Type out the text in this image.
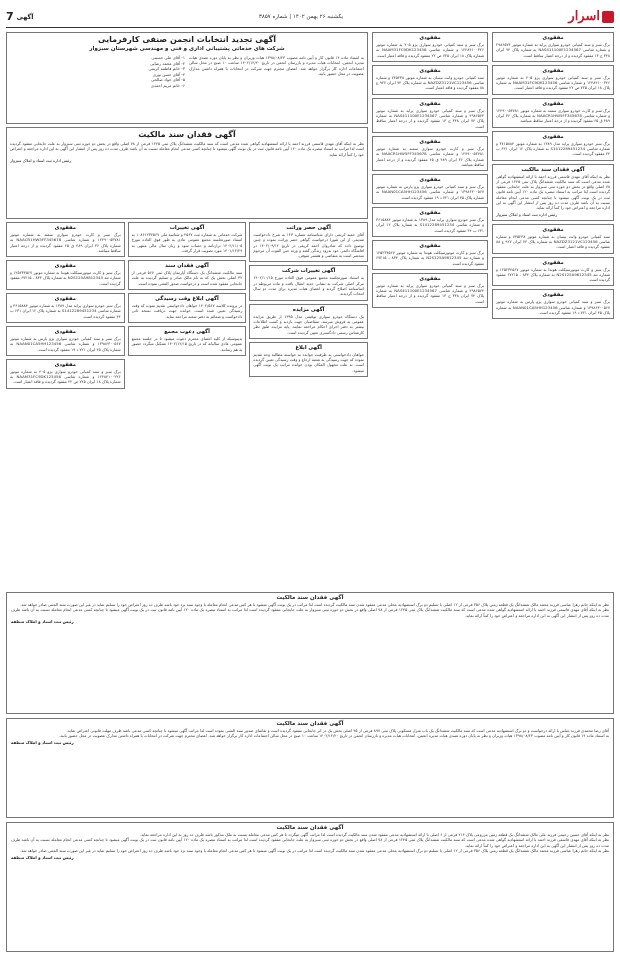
7 آگهی	یکشنبه ۲۶ بهمن ۱۴۰۲ | شماره ۳۸۵۷	اسرار
مفقودی
برگ سبز و سند کمپانی خودرو سواری پراید به شماره موتور ۲۹۸۶۵۷۴ و شماره شاسی NAS411100E1234567 به شماره پلاک ۷۴ ایران ۳۴۸ ج ۱۳ مفقود گردیده و از درجه اعتبار ساقط است.
مفقودی
برگ سبز و سند کمپانی خودرو سواری پژو ۴۰۵ به شماره موتور ۱۲۴۸۴۱۰۰۳۲۶ و شماره شاسی NAAM31FC9DK123456 به شماره پلاک ۱۸ ایران ۷۲۵ ص ۲۲ مفقود گردیده و فاقد اعتبار است.
مفقودی
برگ سبز و کارت خودرو سواری سمند به شماره موتور ۱۲۴۹۰۰۵۳۷۸۱ و شماره شاسی NAACR1HW5FF345678 به شماره پلاک ۳۶ ایران ۴۸۹ ق ۶۵ مفقود گردیده و از درجه اعتبار ساقط میباشد.
مفقودی
برگ سبز خودرو سواری پراید مدل ۱۳۸۹ به شماره موتور ۳۶۱۵۸۸۴ و شماره شاسی S1412289451234 به شماره پلاک ۱۲ ایران ۶۳۱ ب ۴۴ مفقود گردیده است.
آگهی فقدان سند مالکیت
نظر به اینکه آقای مهدی قاسمی فرزند احمد با ارائه استشهادیه گواهی شده مدعی است که سند مالکیت ششدانگ پلاک ثبتی ۱۲۴۵ فرعی از ۷۸ اصلی واقع در بخش دو حوزه ثبتی سبزوار به علت جابجایی مفقود گردیده است لذا مراتب به استناد تبصره یک ماده ۱۲۰ آیین نامه قانون ثبت در یک نوبت آگهی میشود تا چنانچه کسی مدعی انجام معامله نسبت به آن باشد ظرف مدت ده روز پس از انتشار این آگهی به این اداره مراجعه و اعتراض خود را کتباً ارائه نماید.
رئیس اداره ثبت اسناد و املاک سبزوار
مفقودی
سند کمپانی خودرو وانت نیسان به شماره موتور ۷۴۵۲۳۸ و شماره شاسی NAZDZ3121VC123456 به شماره پلاک ۷۴ ایران ۹۲۷ ع ۸۸ مفقود گردیده و فاقد اعتبار است.
مفقودی
برگ سبز و کارت موتورسیکلت هوندا به شماره موتور ۱۲۵۲۳۴۵۶۷ و شماره تنه N2S125A9812345 به شماره پلاک ۸۳۴ - ۶۷۲۱۵ مفقود گردیده است.
مفقودی
برگ سبز و سند کمپانی خودرو سواری پژو پارس به شماره موتور ۱۳۹۸۶۳۰۰۵۶۷ و شماره شاسی NAAN01CA5HH123456 به شماره پلاک ۴۵ ایران ۷۲۱ د ۱۹ مفقود گردیده است.
مفقودی
برگ سبز و سند کمپانی خودرو سواری پژو ۴۰۵ به شماره موتور ۱۲۴۸۴۱۰۰۳۲۶ و شماره شاسی NAAM31FC9DK123456 به شماره پلاک ۱۸ ایران ۷۲۵ ص ۲۲ مفقود گردیده و فاقد اعتبار است.
مفقودی
سند کمپانی خودرو وانت نیسان به شماره موتور ۷۴۵۲۳۸ و شماره شاسی NAZDZ3121VC123456 به شماره پلاک ۷۴ ایران ۹۲۷ ع ۸۸ مفقود گردیده و فاقد اعتبار است.
مفقودی
برگ سبز و سند کمپانی خودرو سواری پراید به شماره موتور ۲۹۸۶۵۷۴ و شماره شاسی NAS411100E1234567 به شماره پلاک ۷۴ ایران ۳۴۸ ج ۱۳ مفقود گردیده و از درجه اعتبار ساقط است.
مفقودی
برگ سبز و کارت خودرو سواری سمند به شماره موتور ۱۲۴۹۰۰۵۳۷۸۱ و شماره شاسی NAACR1HW5FF345678 به شماره پلاک ۳۶ ایران ۴۸۹ ق ۶۵ مفقود گردیده و از درجه اعتبار ساقط میباشد.
مفقودی
برگ سبز و سند کمپانی خودرو سواری پژو پارس به شماره موتور ۱۳۹۸۶۳۰۰۵۶۷ و شماره شاسی NAAN01CA5HH123456 به شماره پلاک ۴۵ ایران ۷۲۱ د ۱۹ مفقود گردیده است.
مفقودی
برگ سبز خودرو سواری پراید مدل ۱۳۸۹ به شماره موتور ۳۶۱۵۸۸۴ و شماره شاسی S1412289451234 به شماره پلاک ۱۲ ایران ۶۳۱ ب ۴۴ مفقود گردیده است.
مفقودی
برگ سبز و کارت موتورسیکلت هوندا به شماره موتور ۱۲۵۲۳۴۵۶۷ و شماره تنه N2S125A9812345 به شماره پلاک ۸۳۴ - ۶۷۲۱۵ مفقود گردیده است.
مفقودی
برگ سبز و سند کمپانی خودرو سواری پراید به شماره موتور ۲۹۸۶۵۷۴ و شماره شاسی NAS411100E1234567 به شماره پلاک ۷۴ ایران ۳۴۸ ج ۱۳ مفقود گردیده و از درجه اعتبار ساقط است.
آگهی تجدید انتخابات انجمن صنفی کارفرمایی
شرکت های خدماتی پشتیبانی اداری و فنی و مهندسی شهرستان سبزوار
به استناد ماده ۱۴ قانون کار و آیین نامه مصوب ۱۳۹۸/۰۸/۲۳ هیات وزیران و نظر به پایان دوره تصدی هیات مدیره انجمن، انتخابات هیات مدیره و بازرسان انجمن در تاریخ ۱۴۰۲/۱۲/۲۰ ساعت ۱۰ صبح در محل سالن اجتماعات اداره کار برگزار خواهد شد. اعضای محترم جهت شرکت در انتخابات با همراه داشتن مدارک عضویت در محل حضور یابند.
۱- آقای علی حسینی
۲- آقای محمد رضایی
۳- خانم فاطمه کریمی
۴- آقای حسن نوری
۵- آقای جواد صالحی
۶- خانم مریم احمدی
آگهی فقدان سند مالکیت
نظر به اینکه آقای مهدی قاسمی فرزند احمد با ارائه استشهادیه گواهی شده مدعی است که سند مالکیت ششدانگ پلاک ثبتی ۱۲۴۵ فرعی از ۷۸ اصلی واقع در بخش دو حوزه ثبتی سبزوار به علت جابجایی مفقود گردیده است لذا مراتب به استناد تبصره یک ماده ۱۲۰ آیین نامه قانون ثبت در یک نوبت آگهی میشود تا چنانچه کسی مدعی انجام معامله نسبت به آن باشد ظرف مدت ده روز پس از انتشار این آگهی به این اداره مراجعه و اعتراض خود را کتباً ارائه نماید.
رئیس اداره ثبت اسناد و املاک سبزوار
آگهی حصر وراثت
آقای حمید کریمی دارای شناسنامه شماره ۱۲۳ به شرح دادخواست تقدیمی از این شورا درخواست گواهی حصر وراثت نموده و چنین توضیح داده که شادروان احمد کریمی در تاریخ ۱۴۰۲/۰۹/۱۲ در اقامتگاه دائمی خود بدرود زندگی گفته و ورثه حین الفوت آن مرحوم منحصر است به متقاضی و همسر متوفی.
آگهی تغییرات شرکت
به استناد صورتجلسه مجمع عمومی فوق العاده مورخ ۱۴۰۲/۱۰/۱۵ مرکز اصلی شرکت به نشانی جدید انتقال یافت و ماده مربوطه در اساسنامه اصلاح گردید و اعضای هیات مدیره برای مدت دو سال انتخاب گردیدند.
آگهی مزایده
یک دستگاه خودرو سواری توقیفی مدل ۱۳۹۵ از طریق مزایده عمومی به فروش میرسد. متقاضیان جهت بازدید و کسب اطلاعات بیشتر به دفتر اجرای احکام مراجعه نمایند. پایه مزایده طبق نظر کارشناس رسمی دادگستری تعیین گردیده است.
آگهی ابلاغ
خواهان دادخواستی به طرفیت خوانده به خواسته مطالبه وجه تقدیم نموده که جهت رسیدگی به شعبه ارجاع و وقت رسیدگی تعیین گردیده است. به علت مجهول المکان بودن خوانده مراتب یک نوبت آگهی میشود.
آگهی تغییرات
شرکت خدماتی به شماره ثبت ۴۵۶۷ و شناسه ملی ۱۰۸۶۱۲۳۴۵۶۷ به استناد صورتجلسه مجمع عمومی عادی به طور فوق العاده مورخ ۱۴۰۲/۱۱/۰۵ ترازنامه و حساب سود و زیان سال مالی منتهی به ۱۴۰۱/۱۲/۲۹ مورد تصویب قرار گرفت.
آگهی فقدان سند
سند مالکیت ششدانگ یک دستگاه آپارتمان پلاک ثبتی ۵۶۷ فرعی از ۳۲ اصلی بخش یک که به نام مالک صادر و تسلیم گردیده به علت جابجایی مفقود شده است و درخواست صدور المثنی نموده است.
آگهی ابلاغ وقت رسیدگی
در پرونده کلاسه ۱۴۰۲/۵۶۷ خواهان دادخواستی تقدیم نموده که وقت رسیدگی تعیین شده است. خوانده جهت دریافت نسخه ثانی دادخواست و ضمائم به دفتر شعبه مراجعه نماید.
آگهی دعوت مجمع
بدینوسیله از کلیه اعضای محترم دعوت میشود تا در جلسه مجمع عمومی عادی سالیانه که در تاریخ ۱۴۰۲/۱۲/۱۵ تشکیل میگردد حضور به هم رسانند.
مفقودی
برگ سبز و کارت خودرو سواری سمند به شماره موتور ۱۲۴۹۰۰۵۳۷۸۱ و شماره شاسی NAACR1HW5FF345678 به شماره پلاک ۳۶ ایران ۴۸۹ ق ۶۵ مفقود گردیده و از درجه اعتبار ساقط میباشد.
مفقودی
برگ سبز و کارت موتورسیکلت هوندا به شماره موتور ۱۲۵۲۳۴۵۶۷ و شماره تنه N2S125A9812345 به شماره پلاک ۸۳۴ - ۶۷۲۱۵ مفقود گردیده است.
مفقودی
برگ سبز خودرو سواری پراید مدل ۱۳۸۹ به شماره موتور ۳۶۱۵۸۸۴ و شماره شاسی S1412289451234 به شماره پلاک ۱۲ ایران ۶۳۱ ب ۴۴ مفقود گردیده است.
مفقودی
برگ سبز و سند کمپانی خودرو سواری پژو پارس به شماره موتور ۱۳۹۸۶۳۰۰۵۶۷ و شماره شاسی NAAN01CA5HH123456 به شماره پلاک ۴۵ ایران ۷۲۱ د ۱۹ مفقود گردیده است.
مفقودی
برگ سبز و سند کمپانی خودرو سواری پژو ۴۰۵ به شماره موتور ۱۲۴۸۴۱۰۰۳۲۶ و شماره شاسی NAAM31FC9DK123456 به شماره پلاک ۱۸ ایران ۷۲۵ ص ۲۲ مفقود گردیده و فاقد اعتبار است.
آگهی فقدان سند مالکیت
نظر به اینکه خانم زهرا عباسی فرزند محمد مالک ششدانگ یک قطعه زمین پلاک ۳۵۶ فرعی از ۱۲ اصلی با تسلیم دو برگ استشهادیه محلی مدعی مفقود شدن سند مالکیت گردیده است لذا مراتب در یک نوبت آگهی میشود تا هر کس مدعی انجام معامله یا وجود سند نزد خود باشد ظرف ده روز اعتراض خود را تسلیم نماید در غیر این صورت سند المثنی صادر خواهد شد.
نظر به اینکه آقای مهدی قاسمی فرزند احمد با ارائه استشهادیه گواهی شده مدعی است که سند مالکیت ششدانگ پلاک ثبتی ۱۲۴۵ فرعی از ۷۸ اصلی واقع در بخش دو حوزه ثبتی سبزوار به علت جابجایی مفقود گردیده است لذا مراتب به استناد تبصره یک ماده ۱۲۰ آیین نامه قانون ثبت در یک نوبت آگهی میشود تا چنانچه کسی مدعی انجام معامله نسبت به آن باشد ظرف مدت ده روز پس از انتشار این آگهی به این اداره مراجعه و اعتراض خود را کتباً ارائه نماید.
رئیس ثبت اسناد و املاک منطقه
آگهی فقدان سند مالکیت
آقای رضا محمدی فرزند عباس با ارائه درخواست و دو برگ استشهادیه مدعی است که سند مالکیت ششدانگ یک باب منزل مسکونی پلاک ثبتی ۸۹۷ فرعی از ۴۵ اصلی بخش یک در اثر جابجایی مفقود گردیده است و تقاضای صدور سند المثنی نموده است لذا مراتب آگهی میشود تا چنانچه کسی مدعی باشد ظرف مهلت قانونی اعتراض نماید.
به استناد ماده ۱۴ قانون کار و آیین نامه مصوب ۱۳۹۸/۰۸/۲۳ هیات وزیران و نظر به پایان دوره تصدی هیات مدیره انجمن، انتخابات هیات مدیره و بازرسان انجمن در تاریخ ۱۴۰۲/۱۲/۲۰ ساعت ۱۰ صبح در محل سالن اجتماعات اداره کار برگزار خواهد شد. اعضای محترم جهت شرکت در انتخابات با همراه داشتن مدارک عضویت در محل حضور یابند.
رئیس ثبت اسناد و املاک منطقه
آگهی فقدان سند مالکیت
نظر به اینکه آقای حسین رحیمی فرزند علی مالک ششدانگ یک قطعه زمین مزروعی پلاک ۲۱۴ فرعی از ۶ اصلی با ارائه استشهادیه مدعی مفقود شدن سند مالکیت گردیده است لذا مراتب آگهی میگردد تا هر کس مدعی معامله نسبت به ملک مذکور باشد ظرف ده روز به این اداره مراجعه نماید.
نظر به اینکه آقای مهدی قاسمی فرزند احمد با ارائه استشهادیه گواهی شده مدعی است که سند مالکیت ششدانگ پلاک ثبتی ۱۲۴۵ فرعی از ۷۸ اصلی واقع در بخش دو حوزه ثبتی سبزوار به علت جابجایی مفقود گردیده است لذا مراتب به استناد تبصره یک ماده ۱۲۰ آیین نامه قانون ثبت در یک نوبت آگهی میشود تا چنانچه کسی مدعی انجام معامله نسبت به آن باشد ظرف مدت ده روز پس از انتشار این آگهی به این اداره مراجعه و اعتراض خود را کتباً ارائه نماید.
نظر به اینکه خانم زهرا عباسی فرزند محمد مالک ششدانگ یک قطعه زمین پلاک ۳۵۶ فرعی از ۱۲ اصلی با تسلیم دو برگ استشهادیه محلی مدعی مفقود شدن سند مالکیت گردیده است لذا مراتب در یک نوبت آگهی میشود تا هر کس مدعی انجام معامله یا وجود سند نزد خود باشد ظرف ده روز اعتراض خود را تسلیم نماید در غیر این صورت سند المثنی صادر خواهد شد.
رئیس ثبت اسناد و املاک منطقه
